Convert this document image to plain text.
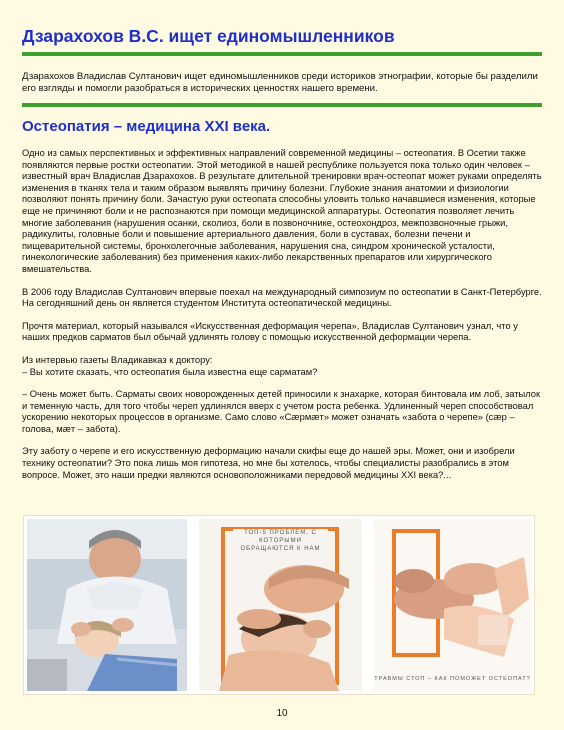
Дзарахохов В.С. ищет единомышленников
Дзарахохов Владислав Султанович ищет единомышленников среди историков этнографии, которые бы разделили его взгляды и помогли разобраться в исторических ценностях нашего времени.
Остеопатия – медицина XXI века.

Одно из самых перспективных и эффективных направлений современной медицины – остеопатия. В Осетии также появляются первые ростки остеопатии. Этой методикой в нашей республике пользуется пока только один человек – известный врач Владислав Дзарахохов. В результате длительной тренировки врач-остеопат может руками определять изменения в тканях тела и таким образом выявлять причину болезни. Глубокие знания анатомии и физиологии позволяют понять причину боли. Зачастую руки остеопата способны уловить только начавшиеся изменения, которые еще не причиняют боли и не распознаются при помощи медицинской аппаратуры. Остеопатия позволяет лечить многие заболевания (нарушения осанки, сколиоз, боли в позвоночнике, остеохондроз, межпозвоночные грыжи, радикулиты, головные боли и повышение артериального давления, боли в суставах, болезни печени и пищеварительной системы, бронхолегочные заболевания, нарушения сна, синдром хронической усталости, гинекологические заболевания) без применения каких-либо лекарственных препаратов или хирургического вмешательства.

В 2006 году Владислав Султанович впервые поехал на международный симпозиум по остеопатии в Санкт-Петербурге. На сегодняшний день он является студентом Института остеопатической медицины.

Прочтя материал, который назывался «Искусственная деформация черепа», Владислав Султанович узнал, что у наших предков сарматов был обычай удлинять голову с помощью искусственной деформации черепа.

Из интервью газеты Владикавказ к доктору:

– Вы хотите сказать, что остеопатия была известна еще сарматам?

– Очень может быть. Сарматы своих новорожденных детей приносили к знахарке, которая бинтовала им лоб, затылок и теменную часть, для того чтобы череп удлинялся вверх с учетом роста ребенка. Удлиненный череп способствовал ускорению некоторых процессов в организме. Само слово «Сæрмæт» может означать «забота о черепе» (сæр – голова, мæт – забота).

Эту заботу о черепе и его искусственную деформацию начали скифы еще до нашей эры. Может, они и изобрели технику остеопатии? Это пока лишь моя гипотеза, но мне бы хотелось, чтобы специалисты разобрались в этом вопросе. Может, это наши предки являются основоположниками передовой медицины XXI века?...

ТОП-5 ПРОБЛЕМ, С КОТОРЫМИ ОБРАЩАЮТСЯ К НАМ
ТРАВМЫ СТОП – КАК ПОМОЖЕТ ОСТЕОПАТ?
10
